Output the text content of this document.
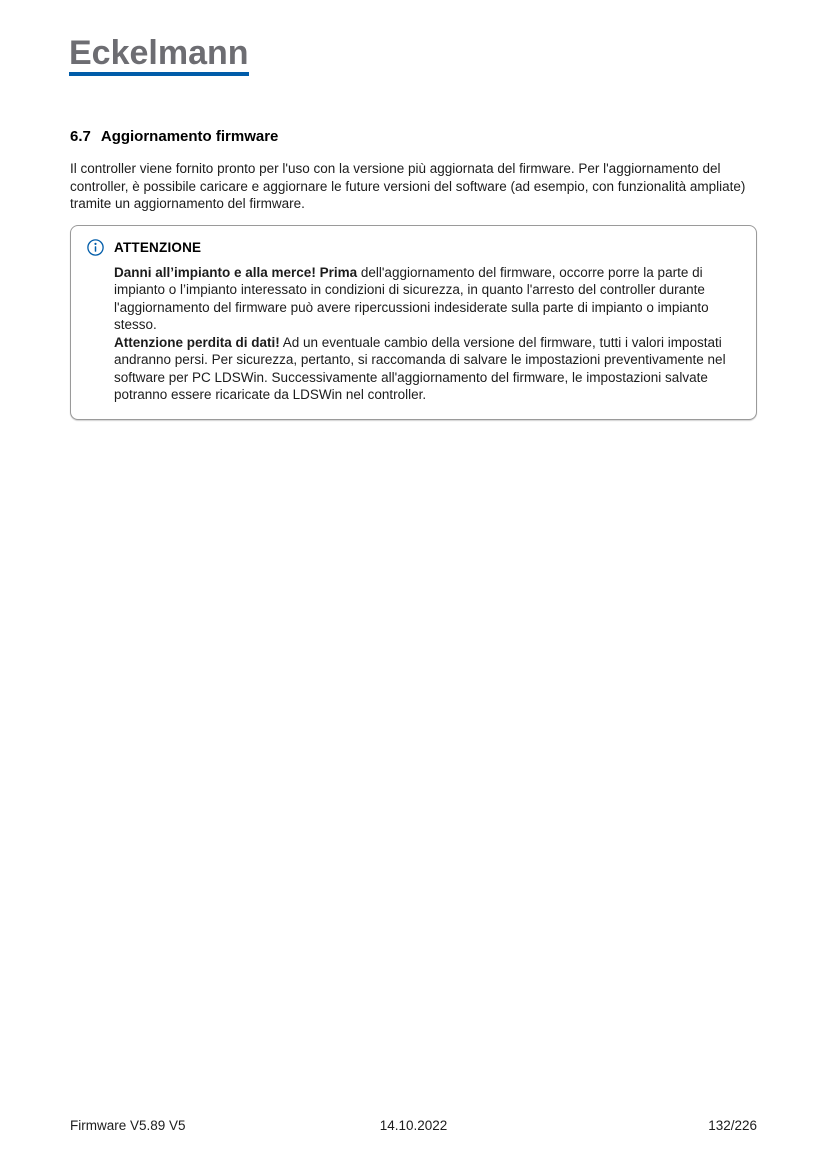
Eckelmann
6.7 Aggiornamento firmware

Il controller viene fornito pronto per l'uso con la versione più aggiornata del firmware. Per l'aggiornamento del controller, è possibile caricare e aggiornare le future versioni del software (ad esempio, con funzionalità ampliate) tramite un aggiornamento del firmware.

ATTENZIONE

Danni all’impianto e alla merce! Prima dell'aggiornamento del firmware, occorre porre la parte di impianto o l’impianto interessato in condizioni di sicurezza, in quanto l'arresto del controller durante l'aggiornamento del firmware può avere ripercussioni indesiderate sulla parte di impianto o impianto stesso.

Attenzione perdita di dati! Ad un eventuale cambio della versione del firmware, tutti i valori impostati andranno persi. Per sicurezza, pertanto, si raccomanda di salvare le impostazioni preventivamente nel software per PC LDSWin. Successivamente all'aggiornamento del firmware, le impostazioni salvate potranno essere ricaricate da LDSWin nel controller.

Firmware V5.89 V5	14.10.2022	132/226
